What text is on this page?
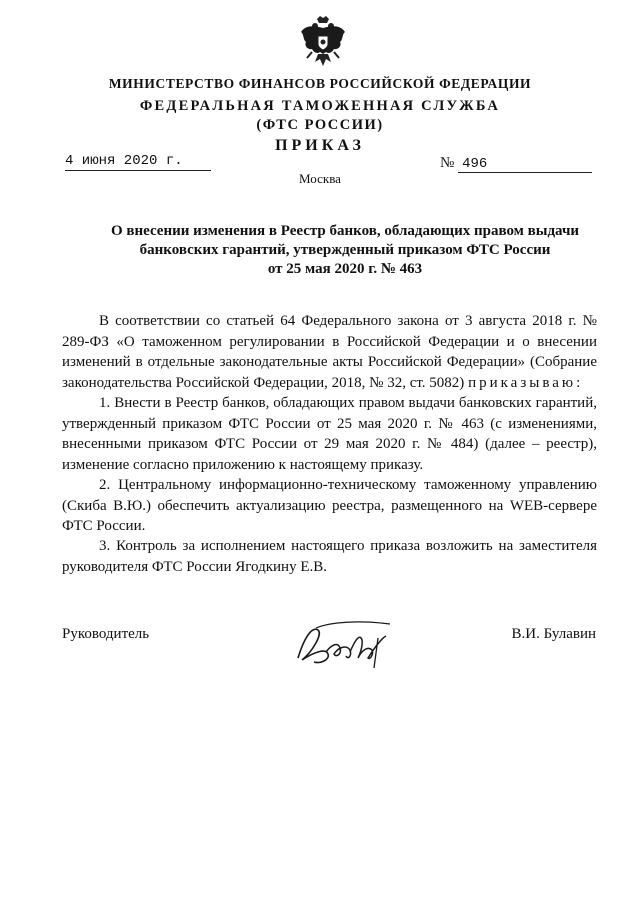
МИНИСТЕРСТВО ФИНАНСОВ РОССИЙСКОЙ ФЕДЕРАЦИИ
ФЕДЕРАЛЬНАЯ ТАМОЖЕННАЯ СЛУЖБА
(ФТС РОССИИ)
ПРИКАЗ
4 июня 2020 г.	№ 496
Москва
О внесении изменения в Реестр банков, обладающих правом выдачи
банковских гарантий, утвержденный приказом ФТС России
от 25 мая 2020 г. № 463

В соответствии со статьей 64 Федерального закона от 3 августа 2018 г. № 289-ФЗ «О таможенном регулировании в Российской Федерации и о внесении изменений в отдельные законодательные акты Российской Федерации» (Собрание законодательства Российской Федерации, 2018, № 32, ст. 5082) приказываю:

1. Внести в Реестр банков, обладающих правом выдачи банковских гарантий, утвержденный приказом ФТС России от 25 мая 2020 г. № 463 (с изменениями, внесенными приказом ФТС России от 29 мая 2020 г. № 484) (далее – реестр), изменение согласно приложению к настоящему приказу.

2. Центральному информационно-техническому таможенному управлению (Скиба В.Ю.) обеспечить актуализацию реестра, размещенного на WEB-сервере ФТС России.

3. Контроль за исполнением настоящего приказа возложить на заместителя руководителя ФТС России Ягодкину Е.В.

Руководитель	В.И. Булавин
